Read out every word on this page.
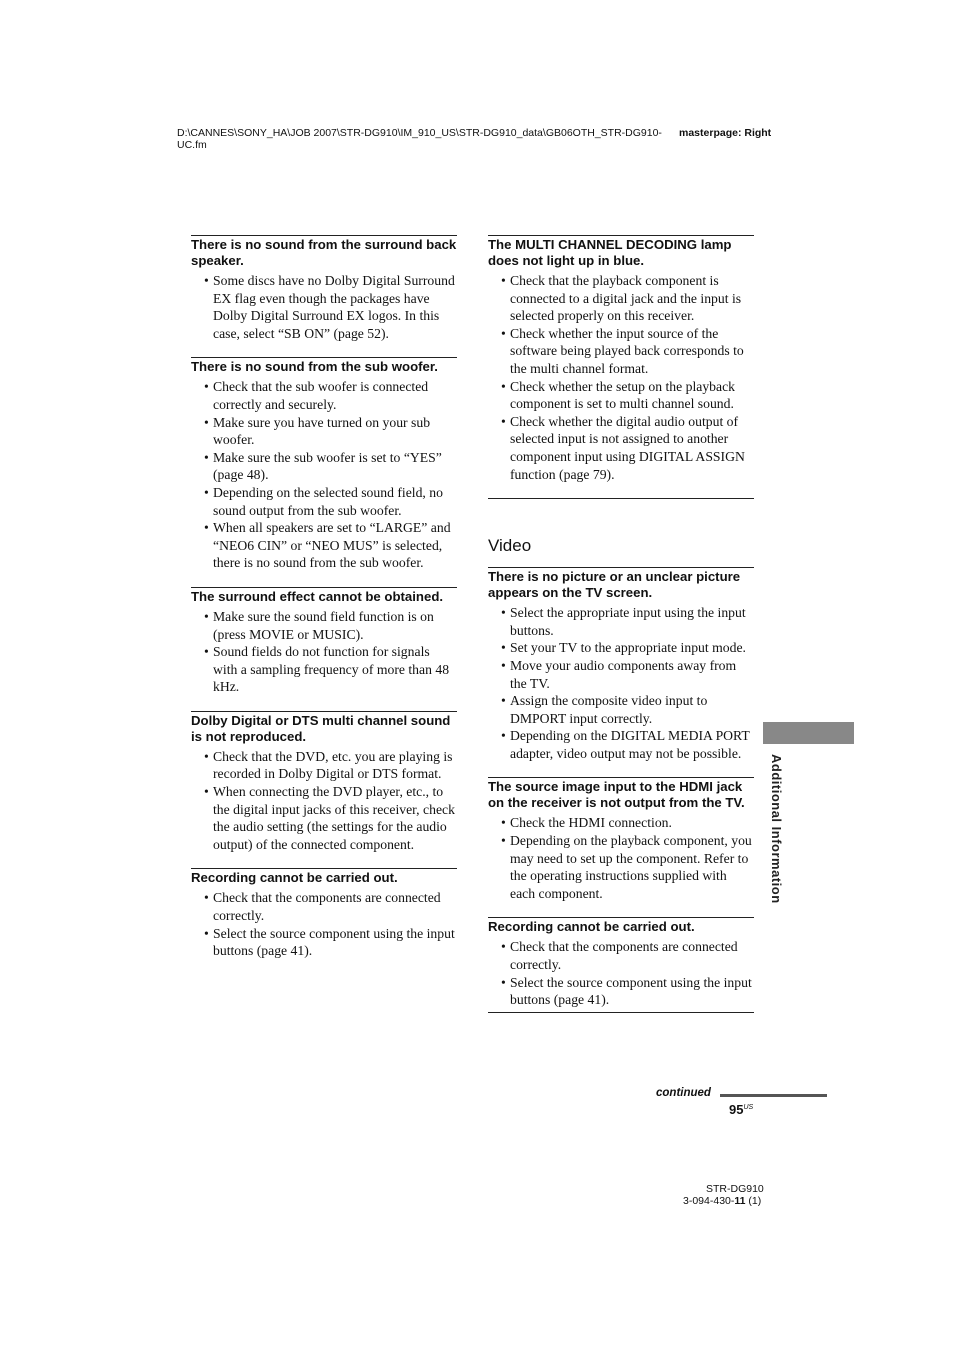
D:\CANNES\SONY_HA\JOB 2007\STR-DG910\IM_910_US\STR-DG910_data\GB06OTH_STR-DG910-UC.fm
masterpage: Right
There is no sound from the surround back speaker.
• Some discs have no Dolby Digital Surround EX flag even though the packages have Dolby Digital Surround EX logos. In this case, select “SB ON” (page 52).
There is no sound from the sub woofer.
• Check that the sub woofer is connected correctly and securely.
• Make sure you have turned on your sub woofer.
• Make sure the sub woofer is set to “YES” (page 48).
• Depending on the selected sound field, no sound output from the sub woofer.
• When all speakers are set to “LARGE” and “NEO6 CIN” or “NEO MUS” is selected, there is no sound from the sub woofer.
The surround effect cannot be obtained.
• Make sure the sound field function is on (press MOVIE or MUSIC).
• Sound fields do not function for signals with a sampling frequency of more than 48 kHz.
Dolby Digital or DTS multi channel sound is not reproduced.
• Check that the DVD, etc. you are playing is recorded in Dolby Digital or DTS format.
• When connecting the DVD player, etc., to the digital input jacks of this receiver, check the audio setting (the settings for the audio output) of the connected component.
Recording cannot be carried out.
• Check that the components are connected correctly.
• Select the source component using the input buttons (page 41).
The MULTI CHANNEL DECODING lamp does not light up in blue.
• Check that the playback component is connected to a digital jack and the input is selected properly on this receiver.
• Check whether the input source of the software being played back corresponds to the multi channel format.
• Check whether the setup on the playback component is set to multi channel sound.
• Check whether the digital audio output of selected input is not assigned to another component input using DIGITAL ASSIGN function (page 79).
Video
There is no picture or an unclear picture appears on the TV screen.
• Select the appropriate input using the input buttons.
• Set your TV to the appropriate input mode.
• Move your audio components away from the TV.
• Assign the composite video input to DMPORT input correctly.
• Depending on the DIGITAL MEDIA PORT adapter, video output may not be possible.
The source image input to the HDMI jack on the receiver is not output from the TV.
• Check the HDMI connection.
• Depending on the playback component, you may need to set up the component. Refer to the operating instructions supplied with each component.
Recording cannot be carried out.
• Check that the components are connected correctly.
• Select the source component using the input buttons (page 41).
Additional Information
continued
$95^{US}$
STR-DG910
3-094-430-11 (1)
